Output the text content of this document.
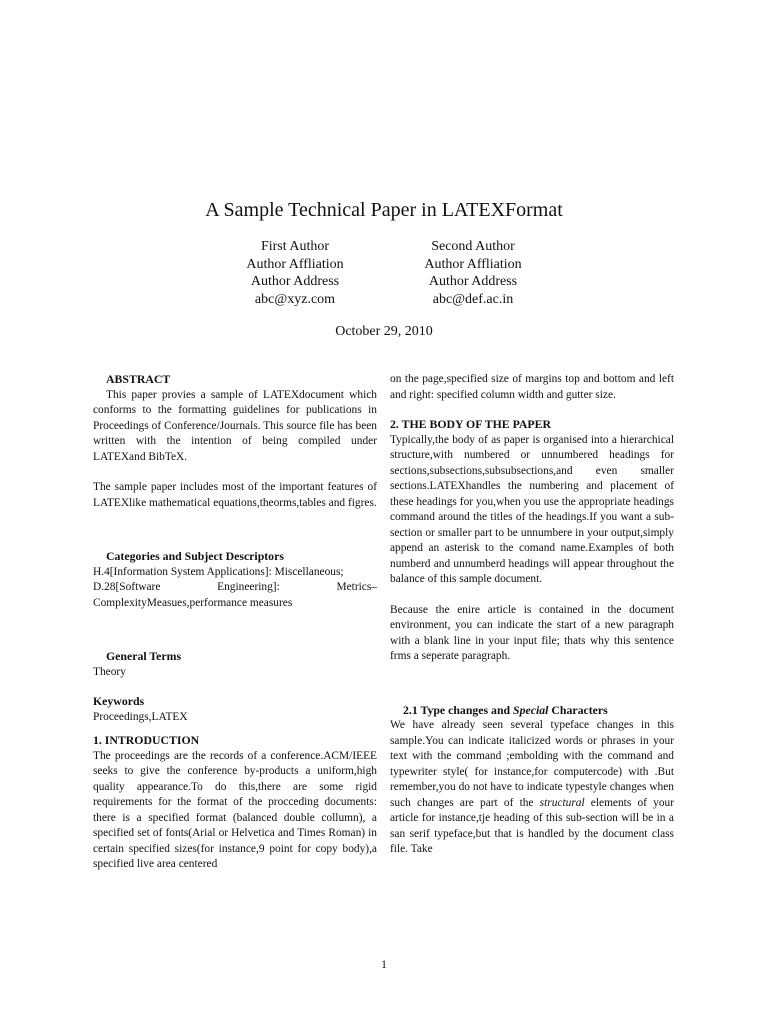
A Sample Technical Paper in LATEXFormat
First Author
Author Affliation
Author Address
abc@xyz.com
Second Author
Author Affliation
Author Address
abc@def.ac.in
October 29, 2010

ABSTRACT

This paper provies a sample of LATEXdocument which conforms to the formatting guidelines for publications in Proceedings of Conference/Journals. This source file has been written with the intention of being compiled under LATEXand BibTeX.

The sample paper includes most of the important features of LATEXlike mathematical equations,theorms,tables and figres.

Categories and Subject Descriptors

H.4[Information System Applications]: Miscellaneous;

D.28[Software Engineering]: Metrics– ComplexityMeasues,performance measures

General Terms

Theory

Keywords

Proceedings,LATEX

1. INTRODUCTION

The proceedings are the records of a conference.ACM/IEEE seeks to give the conference by-products a uniform,high quality appearance.To do this,there are some rigid requirements for the format of the procceding documents: there is a specified format (balanced double collumn), a specified set of fonts(Arial or Helvetica and Times Roman) in certain specified sizes(for instance,9 point for copy body),a specified live area centered

on the page,specified size of margins top and bottom and left and right: specified column width and gutter size.

2. THE BODY OF THE PAPER

Typically,the body of as paper is organised into a hierarchical structure,with numbered or unnumbered headings for sections,subsections,subsubsections,and even smaller sections.LATEXhandles the numbering and placement of these headings for you,when you use the appropriate headings command around the titles of the headings.If you want a sub-section or smaller part to be unnumbere in your output,simply append an asterisk to the comand name.Examples of both numberd and unnumberd headings will appear throughout the balance of this sample document.

Because the enire article is contained in the document environment, you can indicate the start of a new paragraph with a blank line in your input file; thats why this sentence frms a seperate paragraph.

2.1 Type changes and Special Characters

We have already seen several typeface changes in this sample.You can indicate italicized words or phrases in your text with the command ;embolding with the command and typewriter style( for instance,for computercode) with .But remember,you do not have to indicate typestyle changes when such changes are part of the structural elements of your article for instance,tje heading of this sub-section will be in a san serif typeface,but that is handled by the document class file. Take

1
